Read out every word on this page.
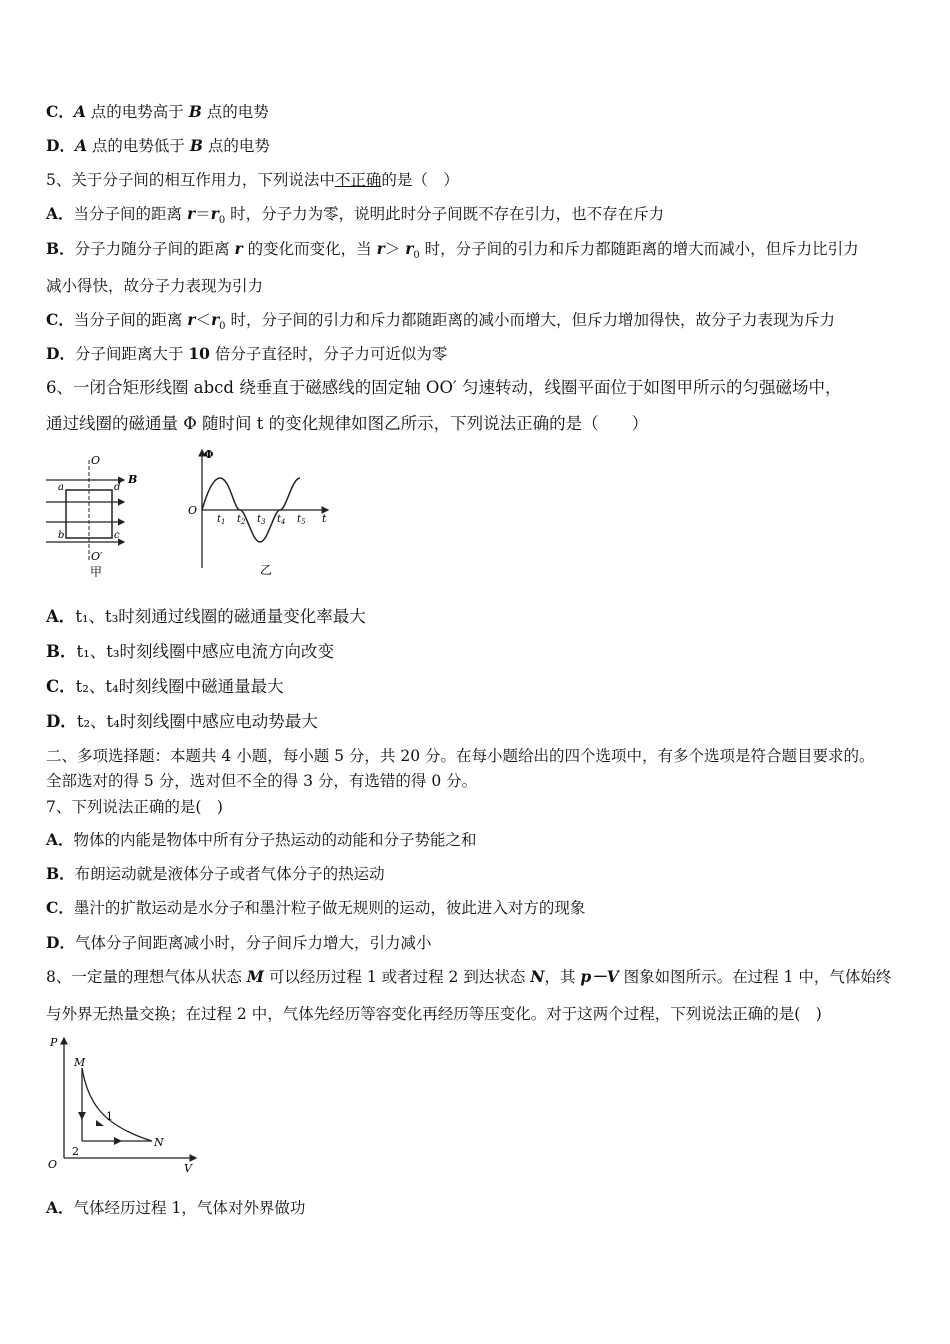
C．A 点的电势高于 B 点的电势
D．A 点的电势低于 B 点的电势
5、关于分子间的相互作用力，下列说法中不正确的是（　）
A．当分子间的距离 $r=r_0$ 时，分子力为零，说明此时分子间既不存在引力，也不存在斥力
B．分子力随分子间的距离 r 的变化而变化，当 $r> r_0$ 时，分子间的引力和斥力都随距离的增大而减小，但斥力比引力
减小得快，故分子力表现为引力
C．当分子间的距离 $r<r_0$ 时，分子间的引力和斥力都随距离的减小而增大，但斥力增加得快，故分子力表现为斥力
D．分子间距离大于 10 倍分子直径时，分子力可近似为零
6、一闭合矩形线圈 abcd 绕垂直于磁感线的固定轴 OO′ 匀速转动，线圈平面位于如图甲所示的匀强磁场中，
通过线圈的磁通量 Φ 随时间 t 的变化规律如图乙所示，下列说法正确的是（　　）
O
B
a	d
b	c
O′
甲
Φ
O
t
$t_1$ $t_2$ $t_3$ $t_4$ $t_5$
乙
A．t₁、t₃时刻通过线圈的磁通量变化率最大
B．t₁、t₃时刻线圈中感应电流方向改变
C．t₂、t₄时刻线圈中磁通量最大
D．t₂、t₄时刻线圈中感应电动势最大
二、多项选择题：本题共 4 小题，每小题 5 分，共 20 分。在每小题给出的四个选项中，有多个选项是符合题目要求的。
全部选对的得 5 分，选对但不全的得 3 分，有选错的得 0 分。
7、下列说法正确的是(　)
A．物体的内能是物体中所有分子热运动的动能和分子势能之和
B．布朗运动就是液体分子或者气体分子的热运动
C．墨汁的扩散运动是水分子和墨汁粒子做无规则的运动，彼此进入对方的现象
D．气体分子间距离减小时，分子间斥力增大，引力减小
8、一定量的理想气体从状态 M 可以经历过程 1 或者过程 2 到达状态 N，其 p－V 图象如图所示。在过程 1 中，气体始终
与外界无热量交换；在过程 2 中，气体先经历等容变化再经历等压变化。对于这两个过程，下列说法正确的是(　)
P
V
O
M
N
1
2
A．气体经历过程 1，气体对外界做功
